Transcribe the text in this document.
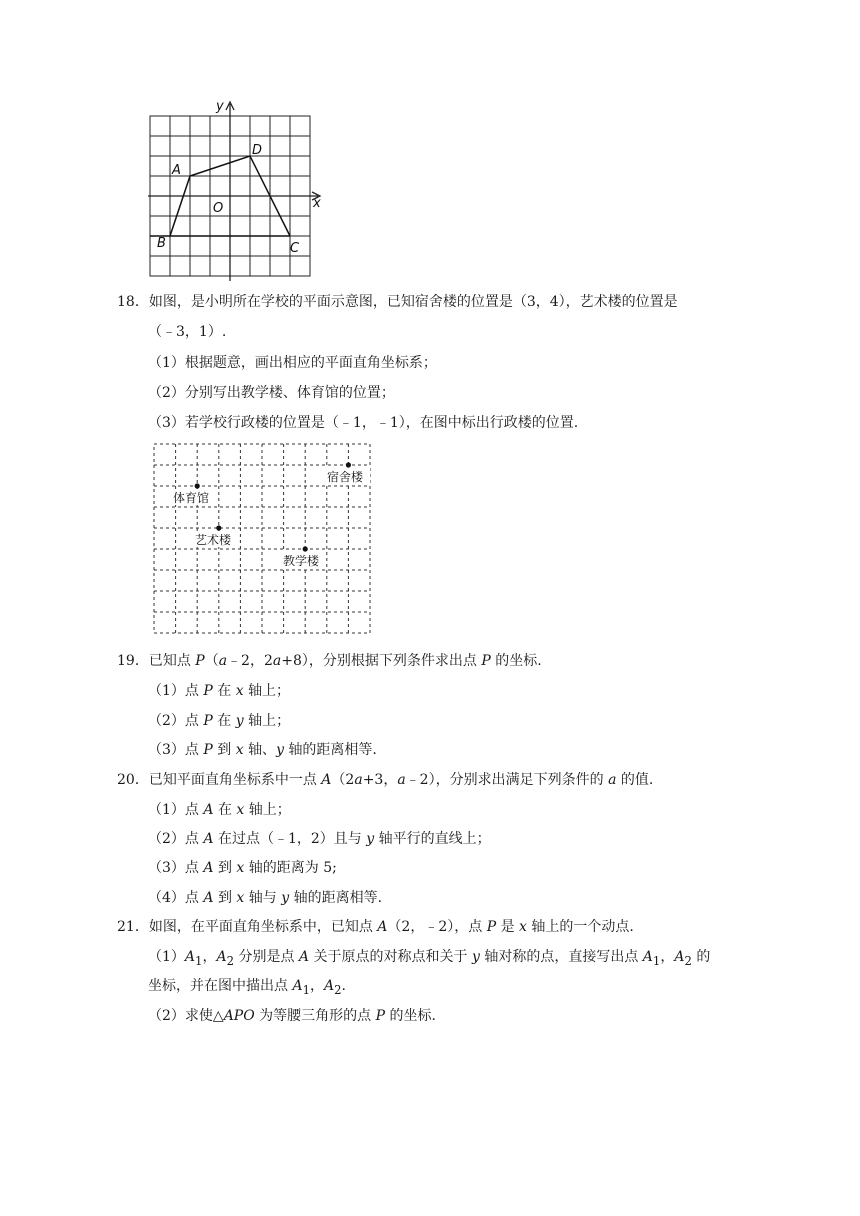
y
x
O
A
D
B	C
18．如图，是小明所在学校的平面示意图，已知宿舍楼的位置是（3，4），艺术楼的位置是
（﹣3，1）.
（1）根据题意，画出相应的平面直角坐标系；
（2）分别写出教学楼、体育馆的位置；
（3）若学校行政楼的位置是（﹣1，﹣1），在图中标出行政楼的位置.
宿舍楼
体育馆
艺术楼
教学楼
19．已知点 P（a﹣2，2a+8），分别根据下列条件求出点 P 的坐标.
（1）点 P 在 x 轴上；
（2）点 P 在 y 轴上；
（3）点 P 到 x 轴、y 轴的距离相等.
20．已知平面直角坐标系中一点 A（2a+3，a﹣2），分别求出满足下列条件的 a 的值.
（1）点 A 在 x 轴上；
（2）点 A 在过点（﹣1，2）且与 y 轴平行的直线上；
（3）点 A 到 x 轴的距离为 5;
（4）点 A 到 x 轴与 y 轴的距离相等.
21．如图，在平面直角坐标系中，已知点 A（2，﹣2），点 P 是 x 轴上的一个动点.
$(1)A_1$，$A_2$ 分别是点 A 关于原点的对称点和关于 y 轴对称的点，直接写出点 $A_1$，$A_2$ 的
坐标，并在图中描出点 $A_1$，$A_2$.
（2）求使△APO 为等腰三角形的点 P 的坐标.
